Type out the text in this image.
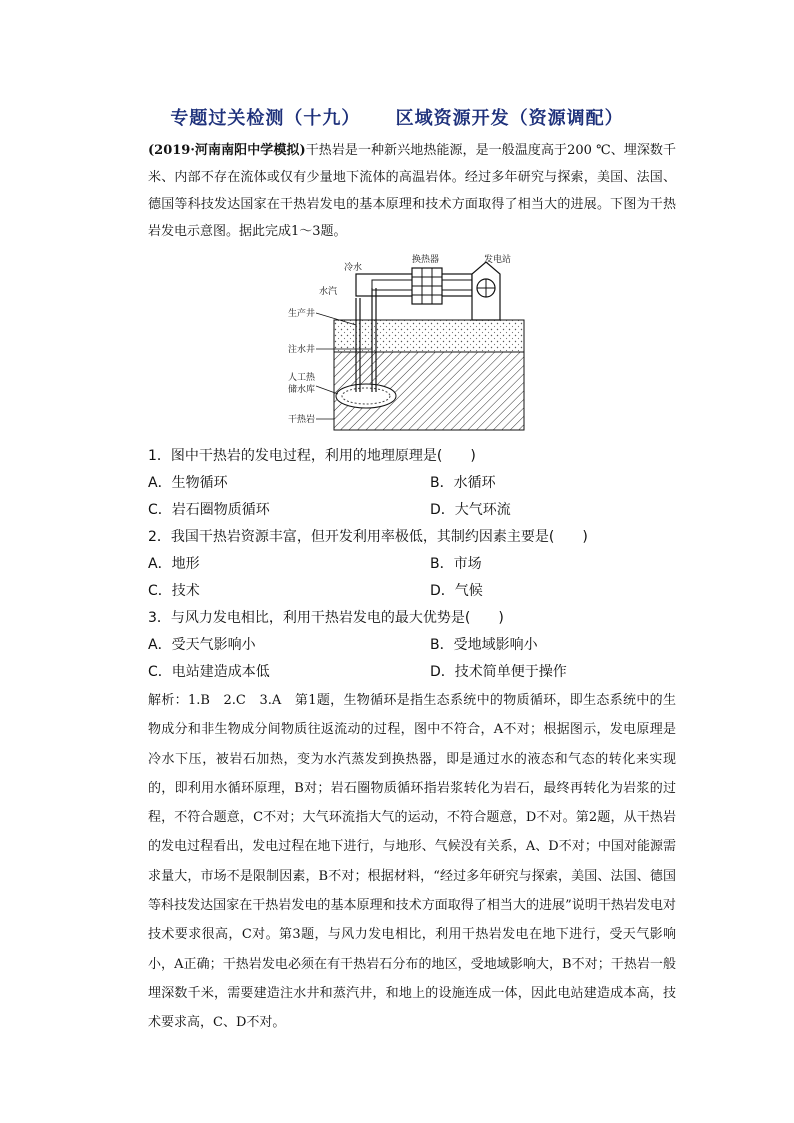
专题过关检测（十九） 区域资源开发（资源调配）

(2019·河南南阳中学模拟)干热岩是一种新兴地热能源，是一般温度高于200 ℃、埋深数千米、内部不存在流体或仅有少量地下流体的高温岩体。经过多年研究与探索，美国、法国、德国等科技发达国家在干热岩发电的基本原理和技术方面取得了相当大的进展。下图为干热岩发电示意图。据此完成1～3题。

冷水
换热器	发电站
水汽
生产井
注水井
人工热
储水库
干热岩
1．图中干热岩的发电过程，利用的地理原理是(　　)
A．生物循环	B．水循环
C．岩石圈物质循环	D．大气环流
2．我国干热岩资源丰富，但开发利用率极低，其制约因素主要是(　　)
A．地形	B．市场
C．技术	D．气候
3．与风力发电相比，利用干热岩发电的最大优势是(　　)
A．受天气影响小	B．受地域影响小
C．电站建造成本低	D．技术简单便于操作

解析：1.B　2.C　3.A　第1题，生物循环是指生态系统中的物质循环，即生态系统中的生物成分和非生物成分间物质往返流动的过程，图中不符合，A不对；根据图示，发电原理是冷水下压，被岩石加热，变为水汽蒸发到换热器，即是通过水的液态和气态的转化来实现的，即利用水循环原理，B对；岩石圈物质循环指岩浆转化为岩石，最终再转化为岩浆的过程，不符合题意，C不对；大气环流指大气的运动，不符合题意，D不对。第2题，从干热岩的发电过程看出，发电过程在地下进行，与地形、气候没有关系，A、D不对；中国对能源需求量大，市场不是限制因素，B不对；根据材料，“经过多年研究与探索，美国、法国、德国等科技发达国家在干热岩发电的基本原理和技术方面取得了相当大的进展”说明干热岩发电对技术要求很高，C对。第3题，与风力发电相比，利用干热岩发电在地下进行，受天气影响小，A正确；干热岩发电必须在有干热岩石分布的地区，受地域影响大，B不对；干热岩一般埋深数千米，需要建造注水井和蒸汽井，和地上的设施连成一体，因此电站建造成本高，技术要求高，C、D不对。
